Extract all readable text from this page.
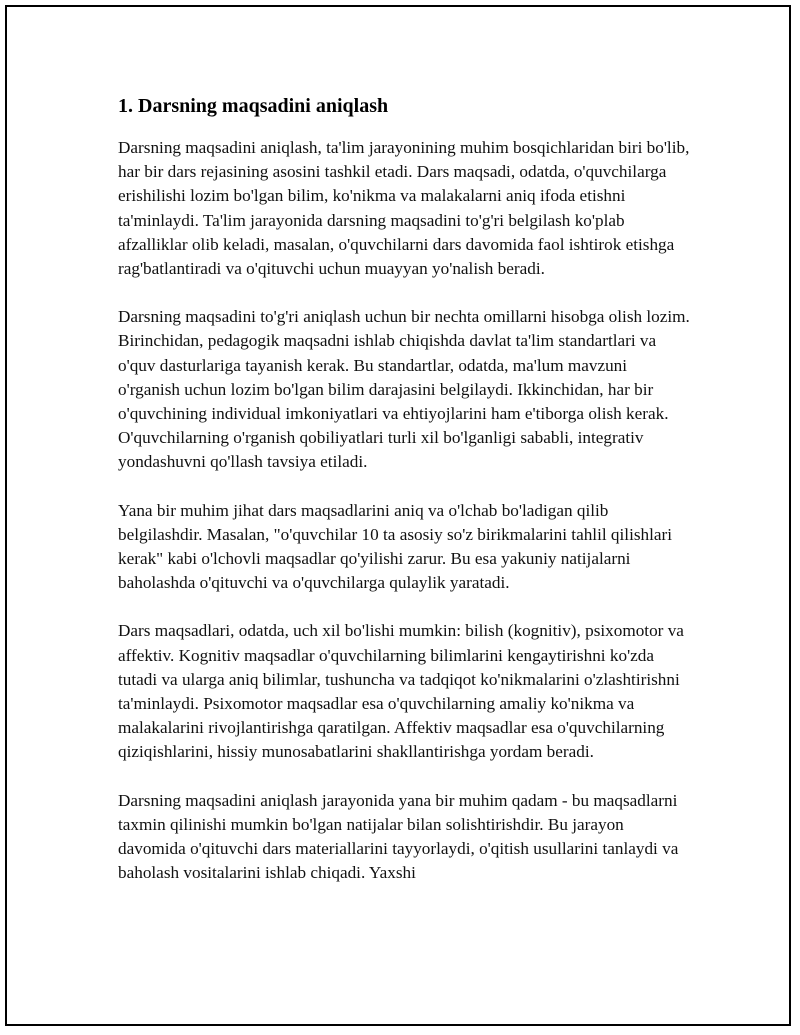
1. Darsning maqsadini aniqlash

Darsning maqsadini aniqlash, ta'lim jarayonining muhim bosqichlaridan biri bo'lib, har bir dars rejasining asosini tashkil etadi. Dars maqsadi, odatda, o'quvchilarga erishilishi lozim bo'lgan bilim, ko'nikma va malakalarni aniq ifoda etishni ta'minlaydi. Ta'lim jarayonida darsning maqsadini to'g'ri belgilash ko'plab afzalliklar olib keladi, masalan, o'quvchilarni dars davomida faol ishtirok etishga rag'batlantiradi va o'qituvchi uchun muayyan yo'nalish beradi.

Darsning maqsadini to'g'ri aniqlash uchun bir nechta omillarni hisobga olish lozim. Birinchidan, pedagogik maqsadni ishlab chiqishda davlat ta'lim standartlari va o'quv dasturlariga tayanish kerak. Bu standartlar, odatda, ma'lum mavzuni o'rganish uchun lozim bo'lgan bilim darajasini belgilaydi. Ikkinchidan, har bir o'quvchining individual imkoniyatlari va ehtiyojlarini ham e'tiborga olish kerak. O'quvchilarning o'rganish qobiliyatlari turli xil bo'lganligi sababli, integrativ yondashuvni qo'llash tavsiya etiladi.

Yana bir muhim jihat dars maqsadlarini aniq va o'lchab bo'ladigan qilib belgilashdir. Masalan, "o'quvchilar 10 ta asosiy so'z birikmalarini tahlil qilishlari kerak" kabi o'lchovli maqsadlar qo'yilishi zarur. Bu esa yakuniy natijalarni baholashda o'qituvchi va o'quvchilarga qulaylik yaratadi.

Dars maqsadlari, odatda, uch xil bo'lishi mumkin: bilish (kognitiv), psixomotor va affektiv. Kognitiv maqsadlar o'quvchilarning bilimlarini kengaytirishni ko'zda tutadi va ularga aniq bilimlar, tushuncha va tadqiqot ko'nikmalarini o'zlashtirishni ta'minlaydi. Psixomotor maqsadlar esa o'quvchilarning amaliy ko'nikma va malakalarini rivojlantirishga qaratilgan. Affektiv maqsadlar esa o'quvchilarning qiziqishlarini, hissiy munosabatlarini shakllantirishga yordam beradi.

Darsning maqsadini aniqlash jarayonida yana bir muhim qadam - bu maqsadlarni taxmin qilinishi mumkin bo'lgan natijalar bilan solishtirishdir. Bu jarayon davomida o'qituvchi dars materiallarini tayyorlaydi, o'qitish usullarini tanlaydi va baholash vositalarini ishlab chiqadi. Yaxshi
